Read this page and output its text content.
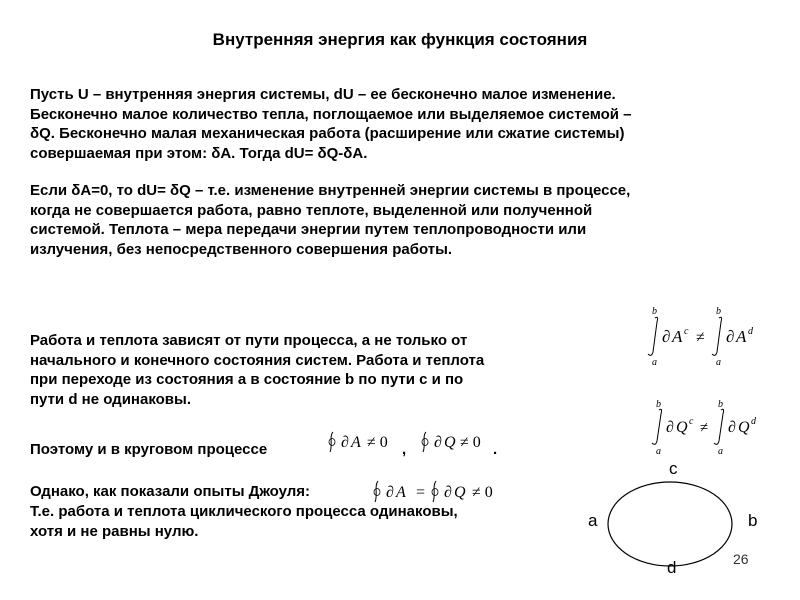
Внутренняя энергия как функция состояния
Пусть U – внутренняя энергия системы, dU – ее бесконечно малое изменение.
Бесконечно малое количество тепла, поглощаемое или выделяемое системой –
δQ. Бесконечно малая механическая работа (расширение или сжатие системы)
совершаемая при этом: δA. Тогда dU= δQ-δA.
Если δA=0, то dU= δQ – т.е. изменение внутренней энергии системы в процессе,
когда не совершается работа, равно теплоте, выделенной или полученной
системой. Теплота – мера передачи энергии путем теплопроводности или
излучения, без непосредственного совершения работы.
Работа и теплота зависят от пути процесса, а не только от
начального и конечного состояния систем. Работа и теплота
при переходе из состояния a в состояние b по пути c и по
пути d не одинаковы.
Поэтому и в круговом процессе	∂ A ≠ 0 , ∂ Q ≠ 0 .
Однако, как показали опыты Джоуля:	∂ A = ∂ Q ≠ 0
Т.е. работа и теплота циклического процесса одинаковы,
хотя и не равны нулю.
b
a
∂ A c ≠
b
a
∂ A d
b
a
∂ Q c ≠
b
a
∂ Q d
c
a	b
d	26
